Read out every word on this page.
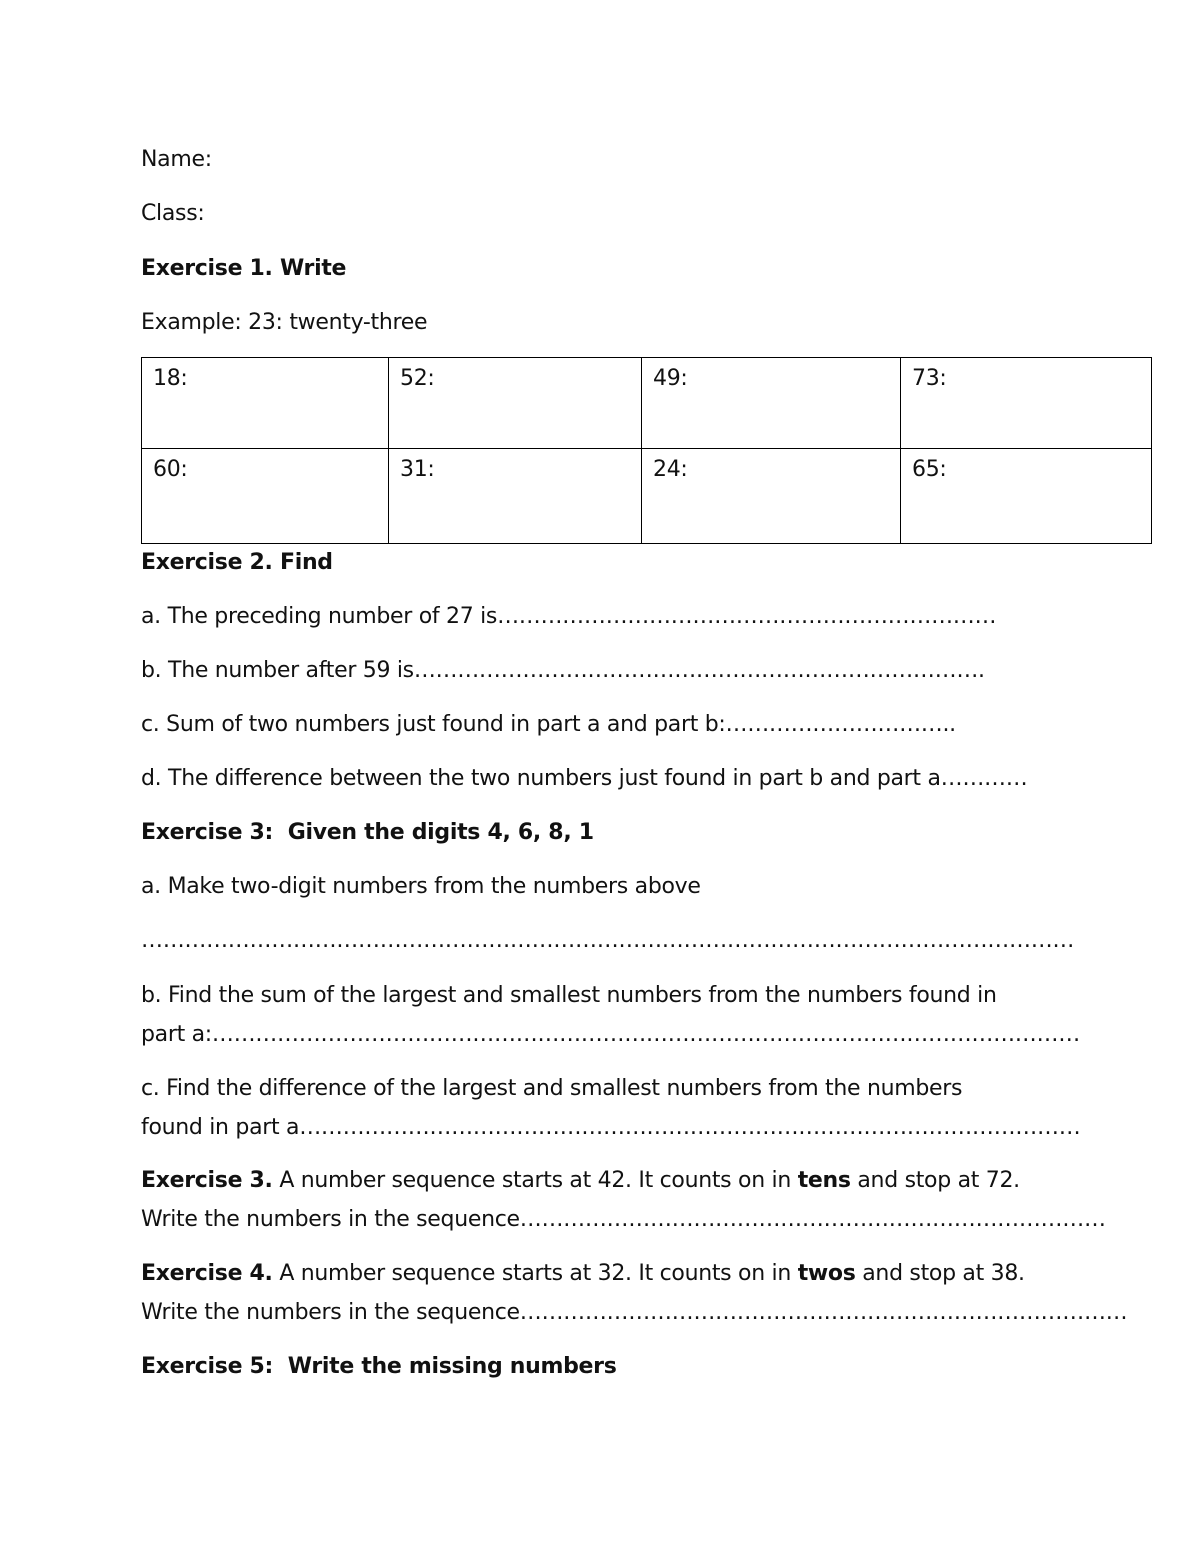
Name:
Class:
Exercise 1. Write
Example: 23: twenty-three
18:	52:	49:	73:
60:	31:	24:	65:
Exercise 2. Find
a. The preceding number of 27 is……………………………………………………………
b. The number after 59 is…………………………………………………………………….
c. Sum of two numbers just found in part a and part b:…………………………..
d. The difference between the two numbers just found in part b and part a…………
Exercise 3:  Given the digits 4, 6, 8, 1
a. Make two-digit numbers from the numbers above
…………………………………………………………………………………………………………………
b. Find the sum of the largest and smallest numbers from the numbers found in
part a:…………………………………………………………………………………………………………
c. Find the difference of the largest and smallest numbers from the numbers
found in part a………………………………………………………………………………………………
Exercise 3. A number sequence starts at 42. It counts on in tens and stop at 72.
Write the numbers in the sequence………………………………………………………………………
Exercise 4. A number sequence starts at 32. It counts on in twos and stop at 38.
Write the numbers in the sequence…………………………………………………………………………
Exercise 5:  Write the missing numbers
